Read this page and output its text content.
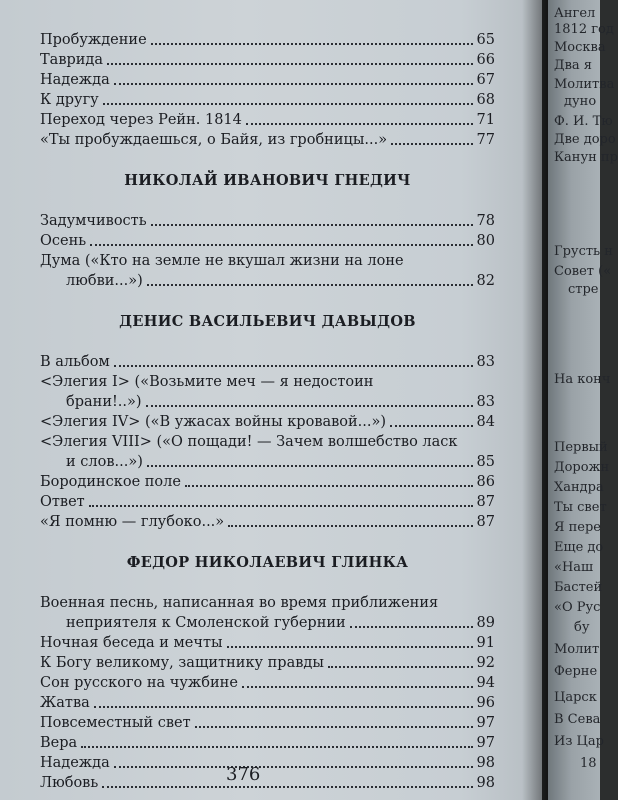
Пробуждение	65
Таврида	66
Надежда	67
К другу	68
Переход через Рейн. 1814	71
«Ты пробуждаешься, о Байя, из гробницы...»	77
НИКОЛАЙ ИВАНОВИЧ ГНЕДИЧ
Задумчивость	78
Осень	80
Дума («Кто на земле не вкушал жизни на лоне
любви...»)	82
ДЕНИС ВАСИЛЬЕВИЧ ДАВЫДОВ
В альбом	83
<Элегия I> («Возьмите меч — я недостоин
брани!..»)	83
<Элегия IV> («В ужасах войны кровавой...»)	84
<Элегия VIII> («О пощади! — Зачем волшебство ласк
и слов...»)	85
Бородинское поле	86
Ответ	87
«Я помню — глубоко...»	87
ФЕДОР НИКОЛАЕВИЧ ГЛИНКА
Военная песнь, написанная во время приближения
неприятеля к Смоленской губернии	89
Ночная беседа и мечты	91
К Богу великому, защитнику правды	92
Сон русского на чужбине	94
Жатва	96
Повсеместный свет	97
Вера	97
Надежда	98
Любовь	98
376
Ангел
1812 год
Москва
Два я
Молитва
дуно
Ф. И. Тю
Две доро
Канун пр
Грусть н
Совет («
стре
На конч
Первый
Дорожн
Хандра
Ты свет
Я пере
Еще до
«Наш
Бастей
«О Рус
бу
Молит
Ферне
Царск
В Сева
Из Цар
18
